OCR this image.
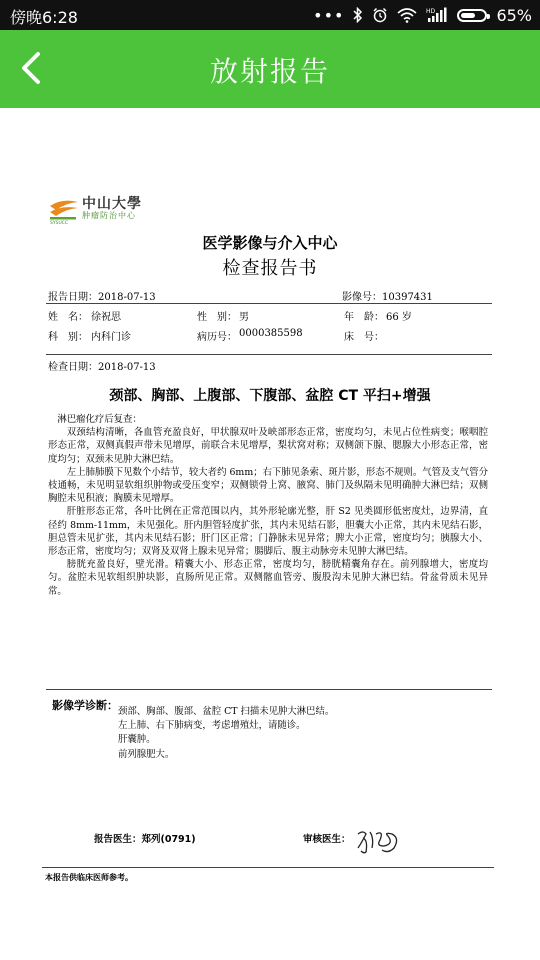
傍晚6:28	•••	HD	65%
放射报告
SYSUCC
中山大學
肿瘤防治中心
医学影像与介入中心
检查报告书
报告日期：2018-07-13	影像号：10397431
姓　名： 徐祝思	性　别： 男	年　龄： 66 岁
科　别： 内科门诊	病历号： 0000385598	床　号：
检查日期：2018-07-13
颈部、胸部、上腹部、下腹部、盆腔 CT 平扫+增强

淋巴瘤化疗后复查：

双颈结构清晰，各血管充盈良好，甲状腺双叶及峡部形态正常，密度均匀，未见占位性病变；喉咽腔形态正常，双侧真假声带未见增厚，前联合未见增厚，梨状窝对称；双侧颌下腺、腮腺大小形态正常，密度均匀；双颈未见肿大淋巴结。

左上肺肺膜下见数个小结节，较大者约 6mm；右下肺见条索、斑片影，形态不规则。气管及支气管分枝通畅，未见明显软组织肿物或受压变窄；双侧锁骨上窝、腋窝、肺门及纵隔未见明确肿大淋巴结；双侧胸腔未见积液；胸膜未见增厚。

肝脏形态正常，各叶比例在正常范围以内，其外形轮廓光整，肝 S2 见类圆形低密度灶，边界清，直径约 8mm-11mm，未见强化。肝内胆管轻度扩张，其内未见结石影，胆囊大小正常，其内未见结石影，胆总管未见扩张，其内未见结石影；肝门区正常；门静脉未见异常；脾大小正常，密度均匀；胰腺大小、形态正常，密度均匀；双肾及双肾上腺未见异常；腸脚后、腹主动脉旁未见肿大淋巴结。

膀胱充盈良好，壁光滑。精囊大小、形态正常，密度均匀，膀胱精囊角存在。前列腺增大，密度均匀。盆腔未见软组织肿块影，直肠所见正常。双侧髂血管旁、腹股沟未见肿大淋巴结。骨盆骨质未见异常。

影像学诊断： 颈部、胸部、腹部、盆腔 CT 扫描未见肿大淋巴结。
左上肺、右下肺病变，考虑增殖灶，请随诊。
肝囊肿。
前列腺肥大。
报告医生：郑列(0791)	审核医生：
本报告供临床医师参考。
